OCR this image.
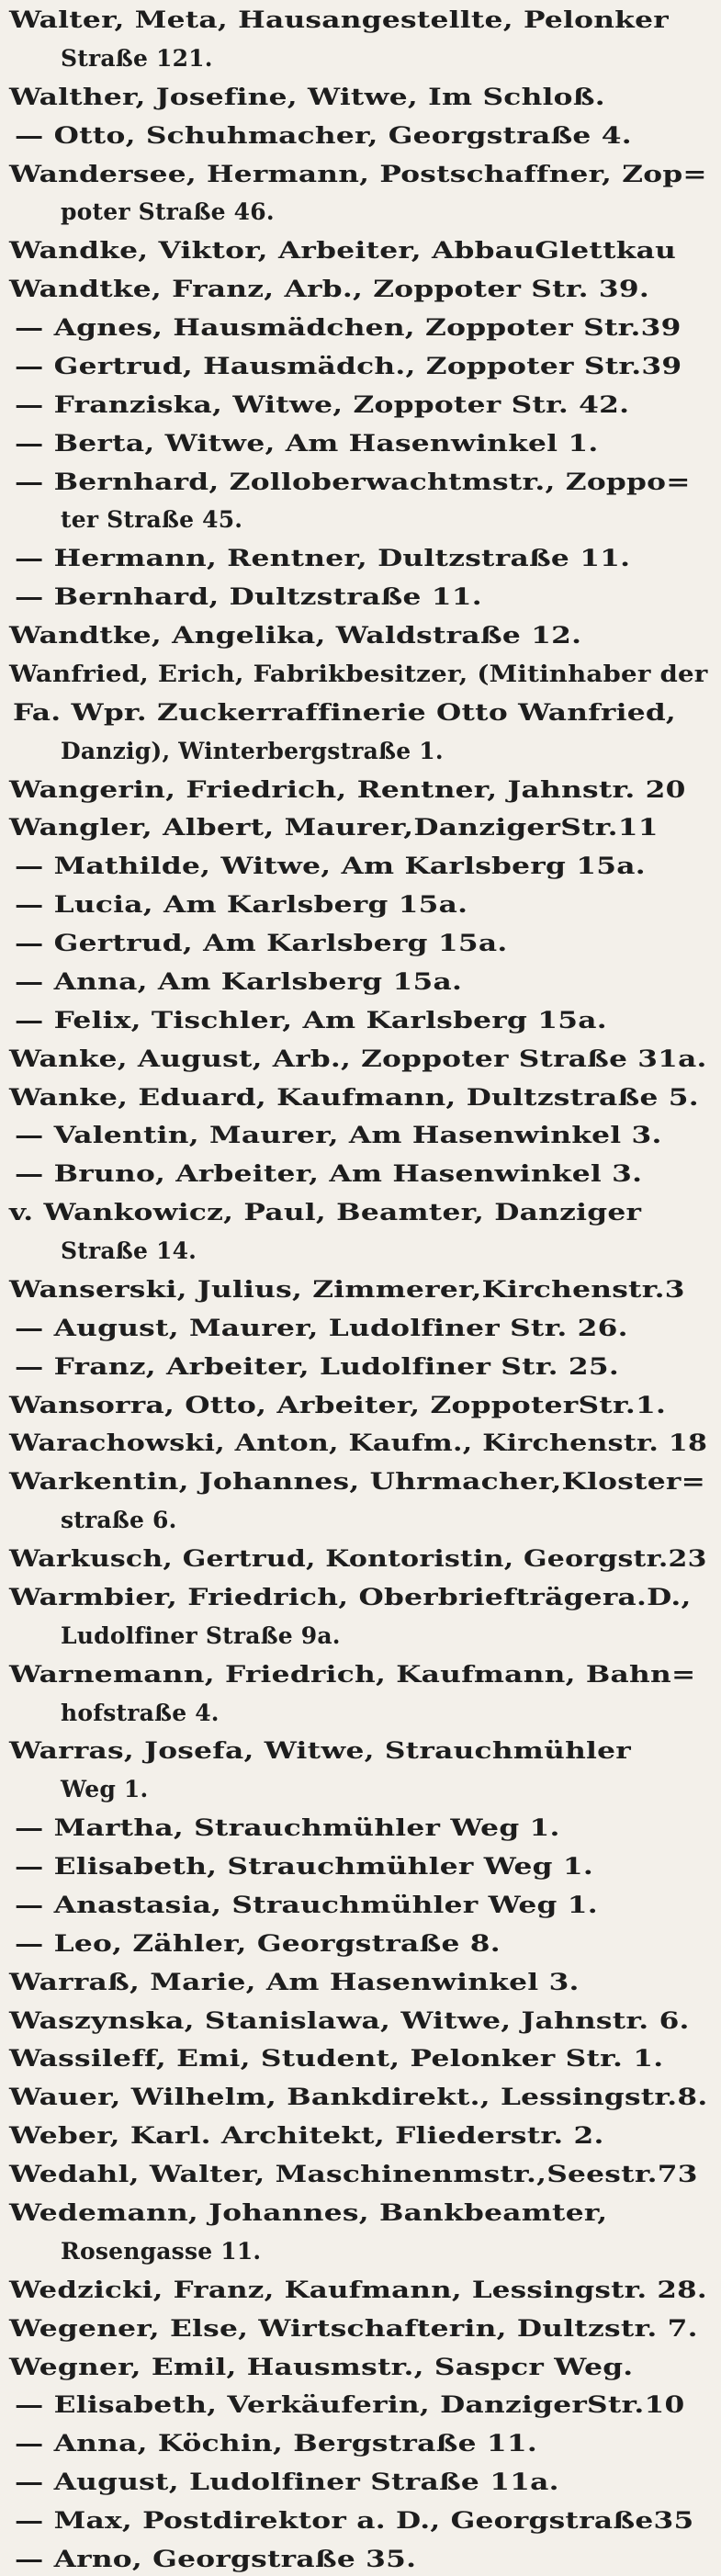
Walter, Meta, Hausangestellte, Pelonker
Straße 121.
Walther, Josefine, Witwe, Im Schloß.
— Otto, Schuhmacher, Georgstraße 4.
Wandersee, Hermann, Postschaffner, Zop=
poter Straße 46.
Wandke, Viktor, Arbeiter, AbbauGlettkau
Wandtke, Franz, Arb., Zoppoter Str. 39.
— Agnes, Hausmädchen, Zoppoter Str.39
— Gertrud, Hausmädch., Zoppoter Str.39
— Franziska, Witwe, Zoppoter Str. 42.
— Berta, Witwe, Am Hasenwinkel 1.
— Bernhard, Zolloberwachtmstr., Zoppo=
ter Straße 45.
— Hermann, Rentner, Dultzstraße 11.
— Bernhard, Dultzstraße 11.
Wandtke, Angelika, Waldstraße 12.
Wanfried, Erich, Fabrikbesitzer, (Mitinhaber der
Fa. Wpr. Zuckerraffinerie Otto Wanfried,
Danzig), Winterbergstraße 1.
Wangerin, Friedrich, Rentner, Jahnstr. 20
Wangler, Albert, Maurer,DanzigerStr.11
— Mathilde, Witwe, Am Karlsberg 15a.
— Lucia, Am Karlsberg 15a.
— Gertrud, Am Karlsberg 15a.
— Anna, Am Karlsberg 15a.
— Felix, Tischler, Am Karlsberg 15a.
Wanke, August, Arb., Zoppoter Straße 31a.
Wanke, Eduard, Kaufmann, Dultzstraße 5.
— Valentin, Maurer, Am Hasenwinkel 3.
— Bruno, Arbeiter, Am Hasenwinkel 3.
v. Wankowicz, Paul, Beamter, Danziger
Straße 14.
Wanserski, Julius, Zimmerer,Kirchenstr.3
— August, Maurer, Ludolfiner Str. 26.
— Franz, Arbeiter, Ludolfiner Str. 25.
Wansorra, Otto, Arbeiter, ZoppoterStr.1.
Warachowski, Anton, Kaufm., Kirchenstr. 18
Warkentin, Johannes, Uhrmacher,Kloster=
straße 6.
Warkusch, Gertrud, Kontoristin, Georgstr.23
Warmbier, Friedrich, Oberbriefträgera.D.,
Ludolfiner Straße 9a.
Warnemann, Friedrich, Kaufmann, Bahn=
hofstraße 4.
Warras, Josefa, Witwe, Strauchmühler
Weg 1.
— Martha, Strauchmühler Weg 1.
— Elisabeth, Strauchmühler Weg 1.
— Anastasia, Strauchmühler Weg 1.
— Leo, Zähler, Georgstraße 8.
Warraß, Marie, Am Hasenwinkel 3.
Waszynska, Stanislawa, Witwe, Jahnstr. 6.
Wassileff, Emi, Student, Pelonker Str. 1.
Wauer, Wilhelm, Bankdirekt., Lessingstr.8.
Weber, Karl. Architekt, Fliederstr. 2.
Wedahl, Walter, Maschinenmstr.,Seestr.73
Wedemann, Johannes, Bankbeamter,
Rosengasse 11.
Wedzicki, Franz, Kaufmann, Lessingstr. 28.
Wegener, Else, Wirtschafterin, Dultzstr. 7.
Wegner, Emil, Hausmstr., Saspcr Weg.
— Elisabeth, Verkäuferin, DanzigerStr.10
— Anna, Köchin, Bergstraße 11.
— August, Ludolfiner Straße 11a.
— Max, Postdirektor a. D., Georgstraße35
— Arno, Georgstraße 35.
